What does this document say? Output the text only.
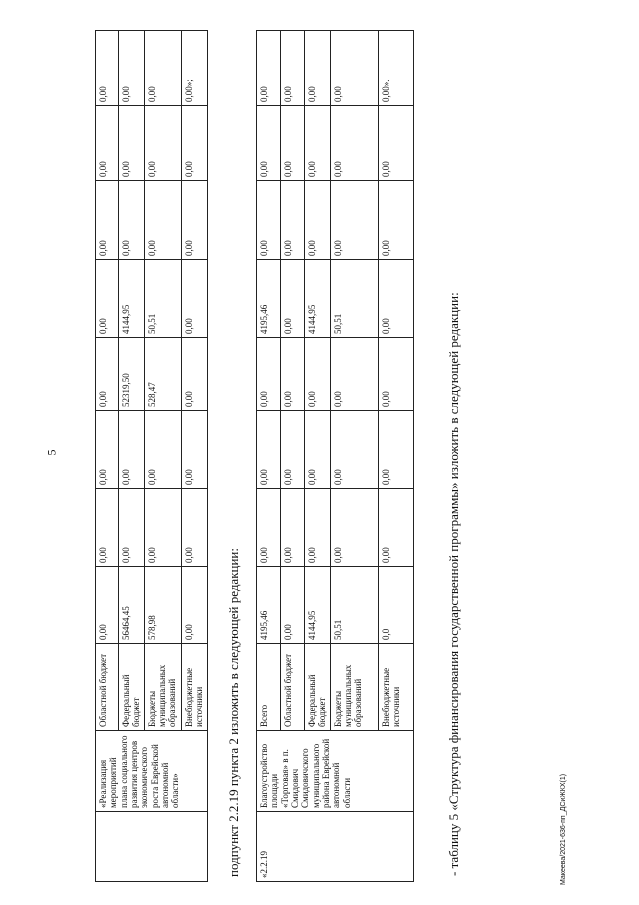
5
Макеева/2021-636-пп_ДСиЖКХ(1)
	«Реализация мероприятий плана социального развития центров экономического роста Еврейской автономной области»	Областной бюджет	0,00	0,00	0,00	0,00	0,00	0,00	0,00	0,00
		Федеральный бюджет	56464,45	0,00	0,00	52319,50	4144,95	0,00	0,00	0,00
		Бюджеты муниципальных образований	578,98	0,00	0,00	528,47	50,51	0,00	0,00	0,00
		Внебюджетные источники	0,00	0,00	0,00	0,00	0,00	0,00	0,00	0,00»;
подпункт 2.2.19 пункта 2 изложить в следующей редакции: «2.2.19	Благоустройство площади «Торговая» в п. Смидович Смидовичского муниципального района Еврейской автономной области	Всего	4195,46	0,00	0,00	0,00	4195,46	0,00	0,00	0,00
		Областной бюджет	0,00	0,00	0,00	0,00	0,00	0,00	0,00	0,00
		Федеральный бюджет	4144,95	0,00	0,00	0,00	4144,95	0,00	0,00	0,00
		Бюджеты муниципальных образований	50,51	0,00	0,00	0,00	50,51	0,00	0,00	0,00
		Внебюджетные источники	0,0	0,00	0,00	0,00	0,00	0,00	0,00	0,00».
- таблицу 5 «Структура финансирования государственной программы» изложить в следующей редакции:
